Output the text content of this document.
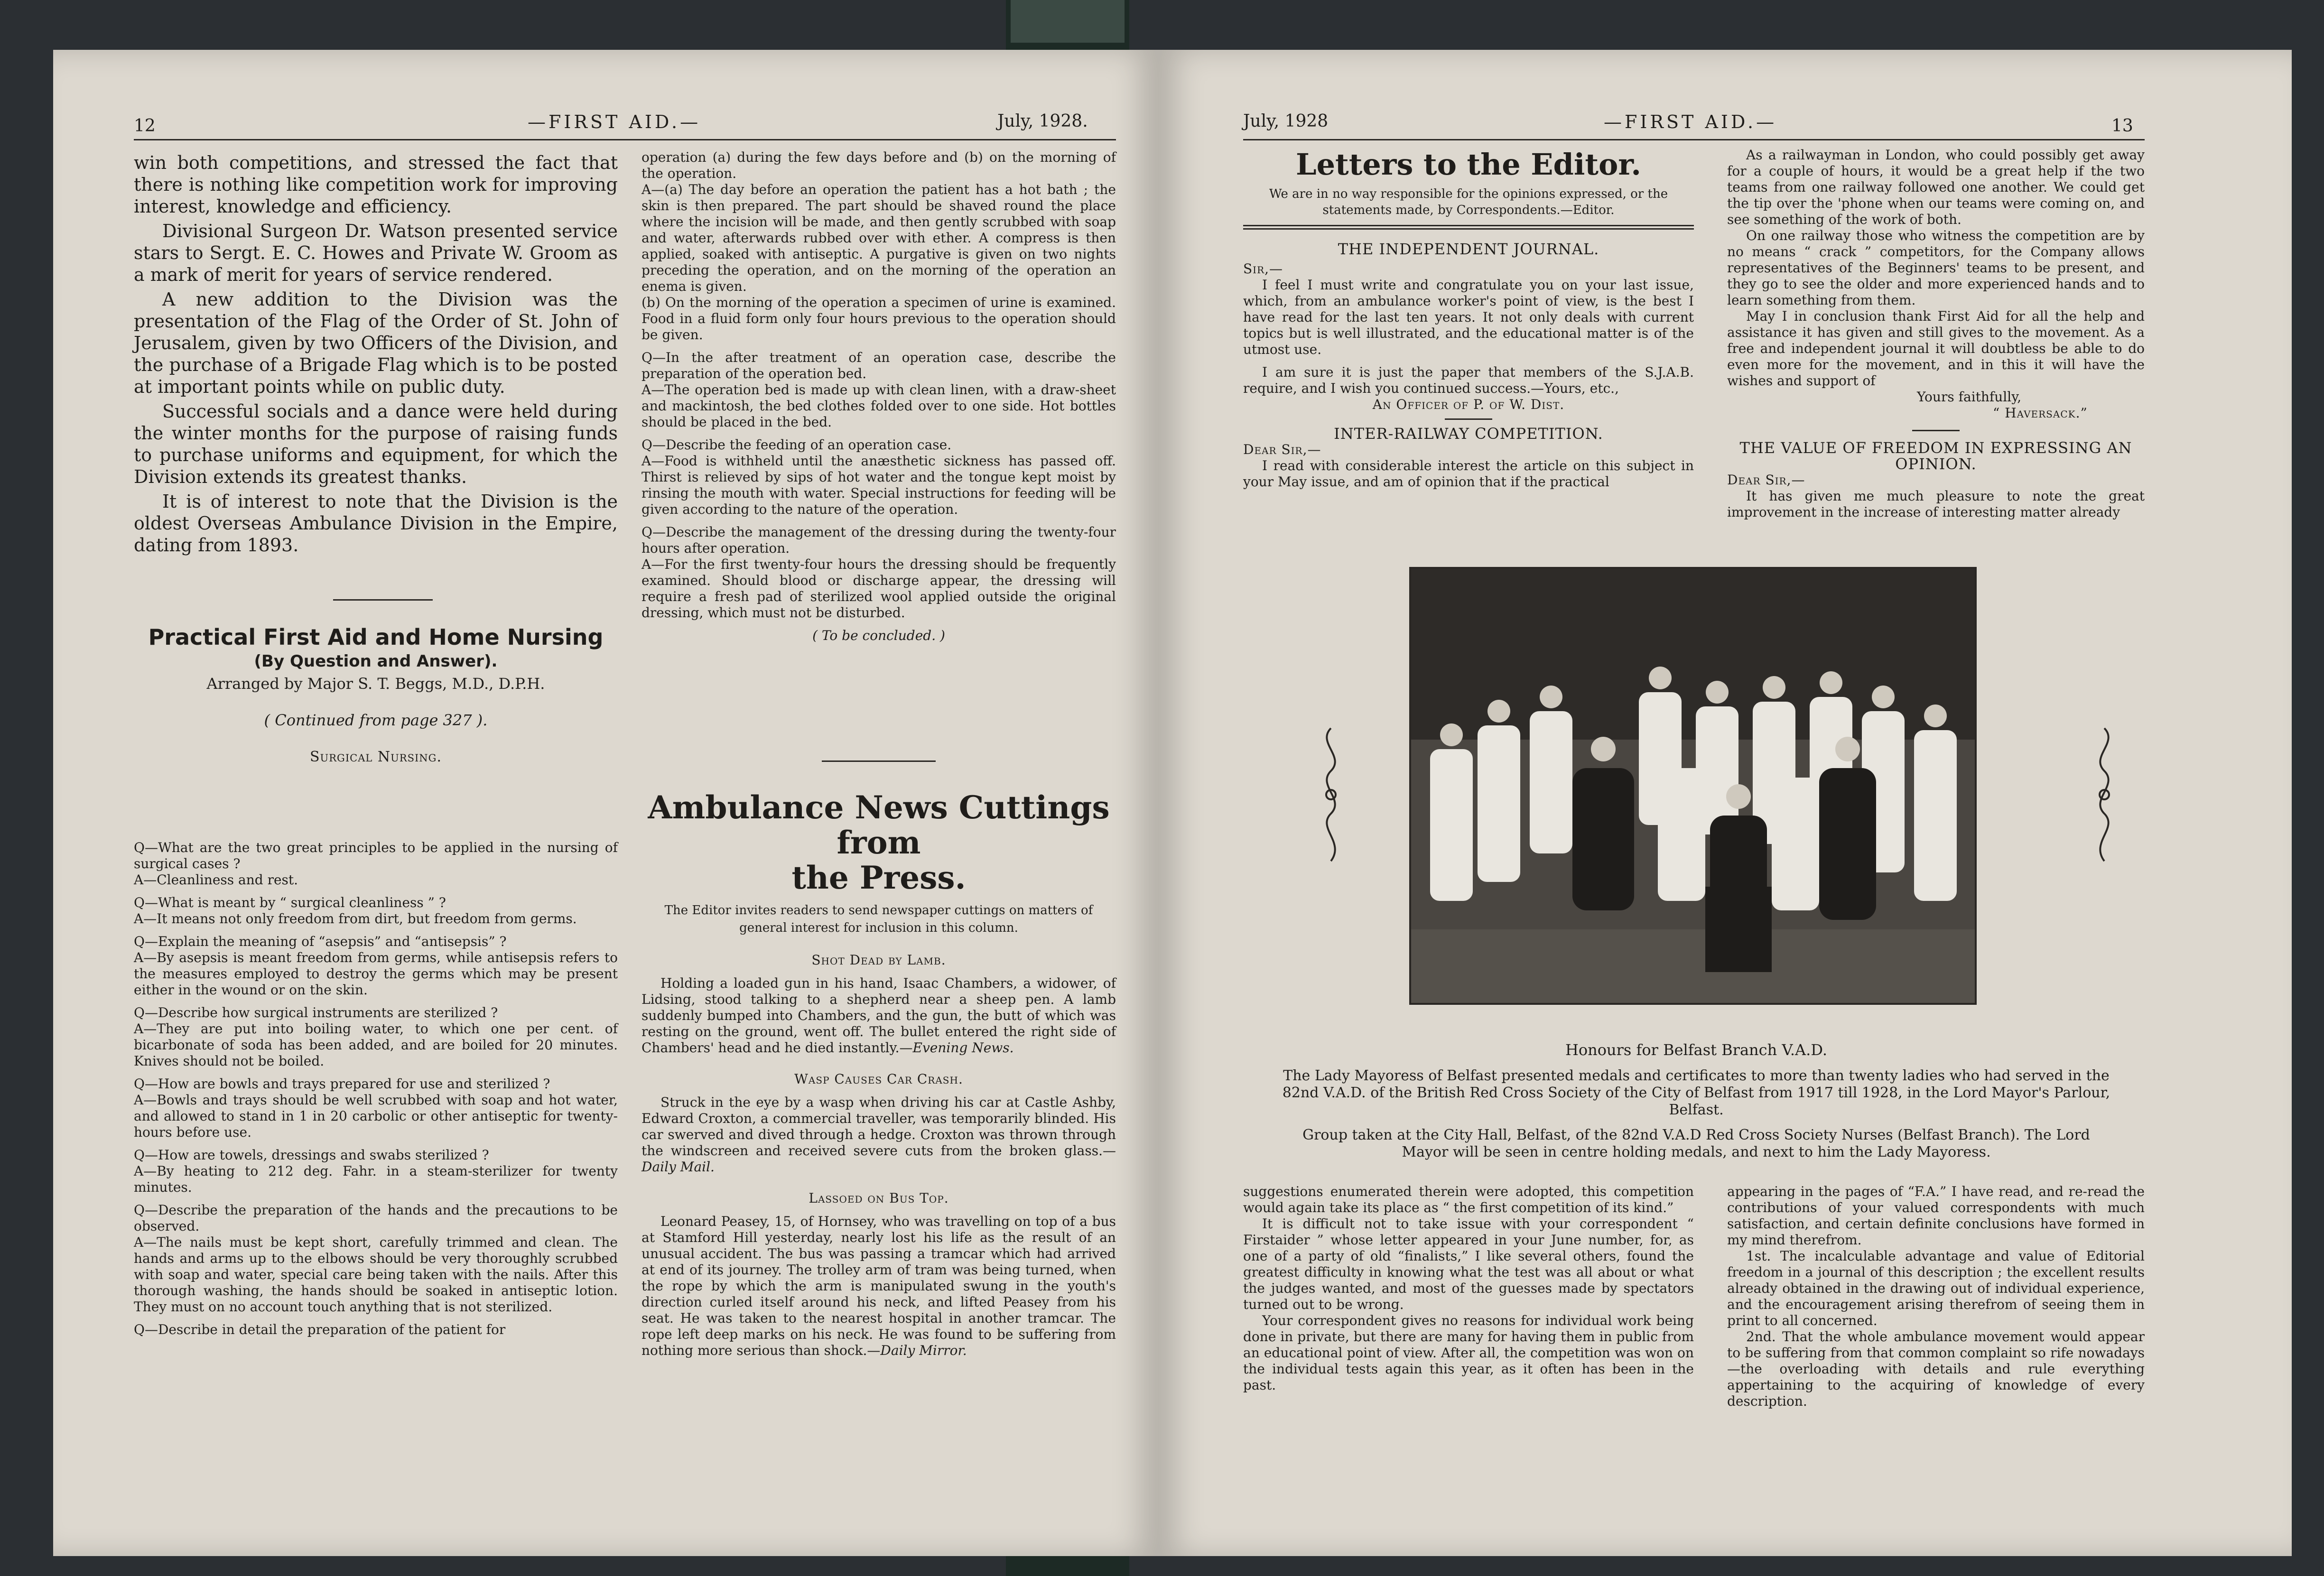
12	—FIRST AID.—	July, 1928.

win both competitions, and stressed the fact that there is nothing like competition work for improving interest, knowledge and efficiency.

Divisional Surgeon Dr. Watson presented service stars to Sergt. E. C. Howes and Private W. Groom as a mark of merit for years of service rendered.

A new addition to the Division was the presentation of the Flag of the Order of St. John of Jerusalem, given by two Officers of the Division, and the purchase of a Brigade Flag which is to be posted at important points while on public duty.

Successful socials and a dance were held during the winter months for the purpose of raising funds to purchase uniforms and equipment, for which the Division extends its greatest thanks.

It is of interest to note that the Division is the oldest Overseas Ambulance Division in the Empire, dating from 1893.

Practical First Aid and Home Nursing
(By Question and Answer).
Arranged by Major S. T. Beggs, M.D., D.P.H.
( Continued from page 327 ).
Surgical Nursing.

Q—What are the two great principles to be applied in the nursing of surgical cases ?

A—Cleanliness and rest.

Q—What is meant by “ surgical cleanliness ” ?

A—It means not only freedom from dirt, but freedom from germs.

Q—Explain the meaning of “asepsis” and “antisepsis” ?

A—By asepsis is meant freedom from germs, while antisepsis refers to the measures employed to destroy the germs which may be present either in the wound or on the skin.

Q—Describe how surgical instruments are sterilized ?

A—They are put into boiling water, to which one per cent. of bicarbonate of soda has been added, and are boiled for 20 minutes. Knives should not be boiled.

Q—How are bowls and trays prepared for use and sterilized ?

A—Bowls and trays should be well scrubbed with soap and hot water, and allowed to stand in 1 in 20 carbolic or other antiseptic for twenty-hours before use.

Q—How are towels, dressings and swabs sterilized ?

A—By heating to 212 deg. Fahr. in a steam-sterilizer for twenty minutes.

Q—Describe the preparation of the hands and the precautions to be observed.

A—The nails must be kept short, carefully trimmed and clean. The hands and arms up to the elbows should be very thoroughly scrubbed with soap and water, special care being taken with the nails. After this thorough washing, the hands should be soaked in antiseptic lotion. They must on no account touch anything that is not sterilized.

Q—Describe in detail the preparation of the patient for

operation (a) during the few days before and (b) on the morning of the operation.

A—(a) The day before an operation the patient has a hot bath ; the skin is then prepared. The part should be shaved round the place where the incision will be made, and then gently scrubbed with soap and water, afterwards rubbed over with ether. A compress is then applied, soaked with antiseptic. A purgative is given on two nights preceding the operation, and on the morning of the operation an enema is given.

(b) On the morning of the operation a specimen of urine is examined. Food in a fluid form only four hours previous to the operation should be given.

Q—In the after treatment of an operation case, describe the preparation of the operation bed.

A—The operation bed is made up with clean linen, with a draw-sheet and mackintosh, the bed clothes folded over to one side. Hot bottles should be placed in the bed.

Q—Describe the feeding of an operation case.

A—Food is withheld until the anæsthetic sickness has passed off. Thirst is relieved by sips of hot water and the tongue kept moist by rinsing the mouth with water. Special instructions for feeding will be given according to the nature of the operation.

Q—Describe the management of the dressing during the twenty-four hours after operation.

A—For the first twenty-four hours the dressing should be frequently examined. Should blood or discharge appear, the dressing will require a fresh pad of sterilized wool applied outside the original dressing, which must not be disturbed.

( To be concluded. )
Ambulance News Cuttings from
the Press.
The Editor invites readers to send newspaper cuttings on matters of general interest for inclusion in this column.
Shot Dead by Lamb.

Holding a loaded gun in his hand, Isaac Chambers, a widower, of Lidsing, stood talking to a shepherd near a sheep pen. A lamb suddenly bumped into Chambers, and the gun, the butt of which was resting on the ground, went off. The bullet entered the right side of Chambers' head and he died instantly.—Evening News.

Wasp Causes Car Crash.

Struck in the eye by a wasp when driving his car at Castle Ashby, Edward Croxton, a commercial traveller, was temporarily blinded. His car swerved and dived through a hedge. Croxton was thrown through the windscreen and received severe cuts from the broken glass.—Daily Mail.

Lassoed on Bus Top.

Leonard Peasey, 15, of Hornsey, who was travelling on top of a bus at Stamford Hill yesterday, nearly lost his life as the result of an unusual accident. The bus was passing a tramcar which had arrived at end of its journey. The trolley arm of tram was being turned, when the rope by which the arm is manipulated swung in the youth's direction curled itself around his neck, and lifted Peasey from his seat. He was taken to the nearest hospital in another tramcar. The rope left deep marks on his neck. He was found to be suffering from nothing more serious than shock.—Daily Mirror.

July, 1928	—FIRST AID.—	13
Letters to the Editor.
We are in no way responsible for the opinions expressed, or the statements made, by Correspondents.—Editor.
THE INDEPENDENT JOURNAL.
Sir,—

I feel I must write and congratulate you on your last issue, which, from an ambulance worker's point of view, is the best I have read for the last ten years. It not only deals with current topics but is well illustrated, and the educational matter is of the utmost use.

I am sure it is just the paper that members of the S.J.A.B. require, and I wish you continued success.—Yours, etc.,

An Officer of P. of W. Dist.
INTER-RAILWAY COMPETITION.
Dear Sir,—

I read with considerable interest the article on this subject in your May issue, and am of opinion that if the practical

As a railwayman in London, who could possibly get away for a couple of hours, it would be a great help if the two teams from one railway followed one another. We could get the tip over the 'phone when our teams were coming on, and see something of the work of both.

On one railway those who witness the competition are by no means “ crack ” competitors, for the Company allows representatives of the Beginners' teams to be present, and they go to see the older and more experienced hands and to learn something from them.

May I in conclusion thank First Aid for all the help and assistance it has given and still gives to the movement. As a free and independent journal it will doubtless be able to do even more for the movement, and in this it will have the wishes and support of

Yours faithfully,
“ Haversack.”
THE VALUE OF FREEDOM IN EXPRESSING AN OPINION.
Dear Sir,—

It has given me much pleasure to note the great improvement in the increase of interesting matter already

Honours for Belfast Branch V.A.D.
The Lady Mayoress of Belfast presented medals and certificates to more than twenty ladies who had served in the 82nd V.A.D. of the British Red Cross Society of the City of Belfast from 1917 till 1928, in the Lord Mayor's Parlour, Belfast.
Group taken at the City Hall, Belfast, of the 82nd V.A.D Red Cross Society Nurses (Belfast Branch). The Lord Mayor will be seen in centre holding medals, and next to him the Lady Mayoress.

suggestions enumerated therein were adopted, this competition would again take its place as “ the first competition of its kind.”

It is difficult not to take issue with your correspondent “ Firstaider ” whose letter appeared in your June number, for, as one of a party of old “finalists,” I like several others, found the greatest difficulty in knowing what the test was all about or what the judges wanted, and most of the guesses made by spectators turned out to be wrong.

Your correspondent gives no reasons for individual work being done in private, but there are many for having them in public from an educational point of view. After all, the competition was won on the individual tests again this year, as it often has been in the past.

appearing in the pages of “F.A.” I have read, and re-read the contributions of your valued correspondents with much satisfaction, and certain definite conclusions have formed in my mind therefrom.

1st. The incalculable advantage and value of Editorial freedom in a journal of this description ; the excellent results already obtained in the drawing out of individual experience, and the encouragement arising therefrom of seeing them in print to all concerned.

2nd. That the whole ambulance movement would appear to be suffering from that common complaint so rife nowadays—the overloading with details and rule everything appertaining to the acquiring of knowledge of every description.
